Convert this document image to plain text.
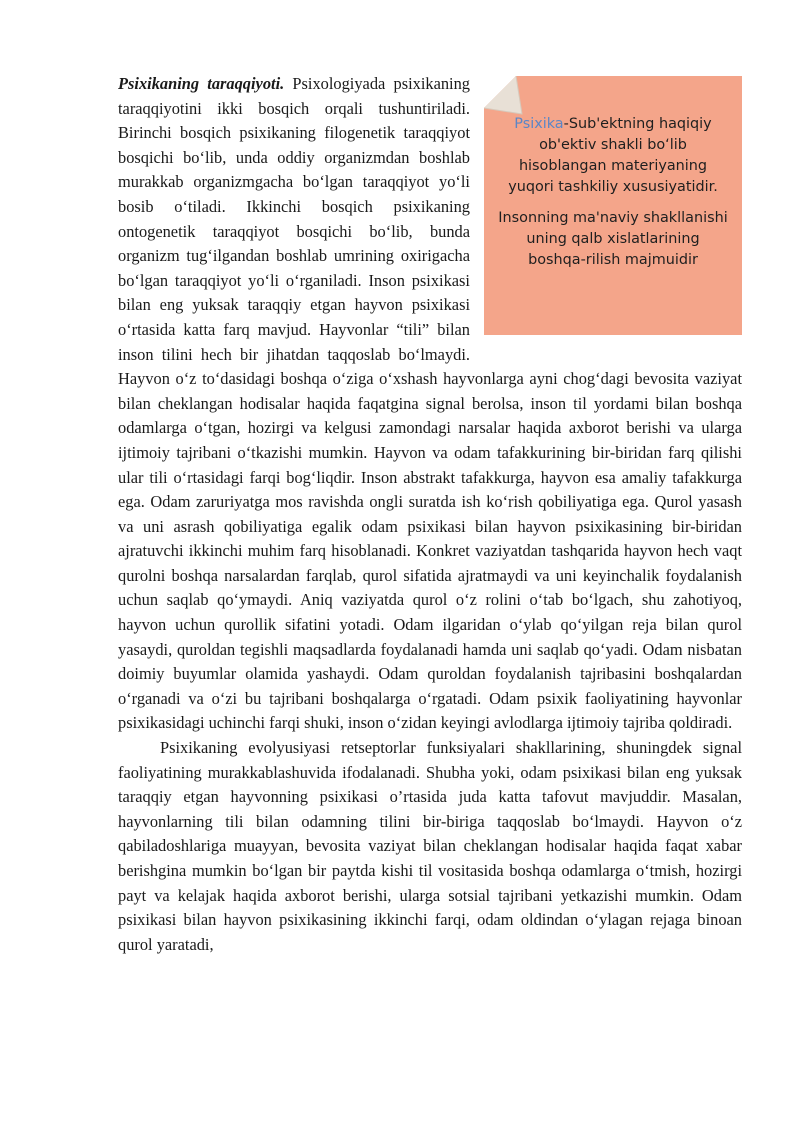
Psixika-Sub'ektning haqiqiy ob'ektiv shakli bo‘lib hisoblangan materiyaning yuqori tashkiliy xususiyatidir.

Insonning ma'naviy shakllanishi uning qalb xislatlarining boshqa-rilish majmuidir

Psixikaning taraqqiyoti. Psixologiyada psixikaning taraqqiyotini ikki bosqich orqali tushuntiriladi. Birinchi bosqich psixikaning filogenetik taraqqiyot bosqichi bo‘lib, unda oddiy organizmdan boshlab murakkab organizmgacha bo‘lgan taraqqiyot yo‘li bosib o‘tiladi. Ikkinchi bosqich psixikaning ontogenetik taraqqiyot bosqichi bo‘lib, bunda organizm tug‘ilgandan boshlab umrining oxirigacha bo‘lgan taraqqiyot yo‘li o‘rganiladi. Inson psixikasi bilan eng yuksak taraqqiy etgan hayvon psixikasi o‘rtasida katta farq mavjud. Hayvonlar “tili” bilan inson tilini hech bir jihatdan taqqoslab bo‘lmaydi. Hayvon o‘z to‘dasidagi boshqa o‘ziga o‘xshash hayvonlarga ayni chog‘dagi bevosita vaziyat bilan cheklangan hodisalar haqida faqatgina signal berolsa, inson til yordami bilan boshqa odamlarga o‘tgan, hozirgi va kelgusi zamondagi narsalar haqida axborot berishi va ularga ijtimoiy tajribani o‘tkazishi mumkin. Hayvon va odam tafakkurining bir-biridan farq qilishi ular tili o‘rtasidagi farqi bog‘liqdir. Inson abstrakt tafakkurga, hayvon esa amaliy tafakkurga ega. Odam zaruriyatga mos ravishda ongli suratda ish ko‘rish qobiliyatiga ega. Qurol yasash va uni asrash qobiliyatiga egalik odam psixikasi bilan hayvon psixikasining bir-biridan ajratuvchi ikkinchi muhim farq hisoblanadi. Konkret vaziyatdan tashqarida hayvon hech vaqt qurolni boshqa narsalardan farqlab, qurol sifatida ajratmaydi va uni keyinchalik foydalanish uchun saqlab qo‘ymaydi. Aniq vaziyatda qurol o‘z rolini o‘tab bo‘lgach, shu zahotiyoq, hayvon uchun qurollik sifatini yotadi. Odam ilgaridan o‘ylab qo‘yilgan reja bilan qurol yasaydi, quroldan tegishli maqsadlarda foydalanadi hamda uni saqlab qo‘yadi. Odam nisbatan doimiy buyumlar olamida yashaydi. Odam quroldan foydalanish tajribasini boshqalardan o‘rganadi va o‘zi bu tajribani boshqalarga o‘rgatadi. Odam psixik faoliyatining hayvonlar psixikasidagi uchinchi farqi shuki, inson o‘zidan keyingi avlodlarga ijtimoiy tajriba qoldiradi.

Psixikaning evolyusiyasi retseptorlar funksiyalari shakllarining, shuningdek signal faoliyatining murakkablashuvida ifodalanadi. Shubha yoki, odam psixikasi bilan eng yuksak taraqqiy etgan hayvonning psixikasi o’rtasida juda katta tafovut mavjuddir. Masalan, hayvonlarning tili bilan odamning tilini bir-biriga taqqoslab bo‘lmaydi. Hayvon o‘z qabiladoshlariga muayyan, bevosita vaziyat bilan cheklangan hodisalar haqida faqat xabar berishgina mumkin bo‘lgan bir paytda kishi til vositasida boshqa odamlarga o‘tmish, hozirgi payt va kelajak haqida axborot berishi, ularga sotsial tajribani yetkazishi mumkin. Odam psixikasi bilan hayvon psixikasining ikkinchi farqi, odam oldindan o‘ylagan rejaga binoan qurol yaratadi,
